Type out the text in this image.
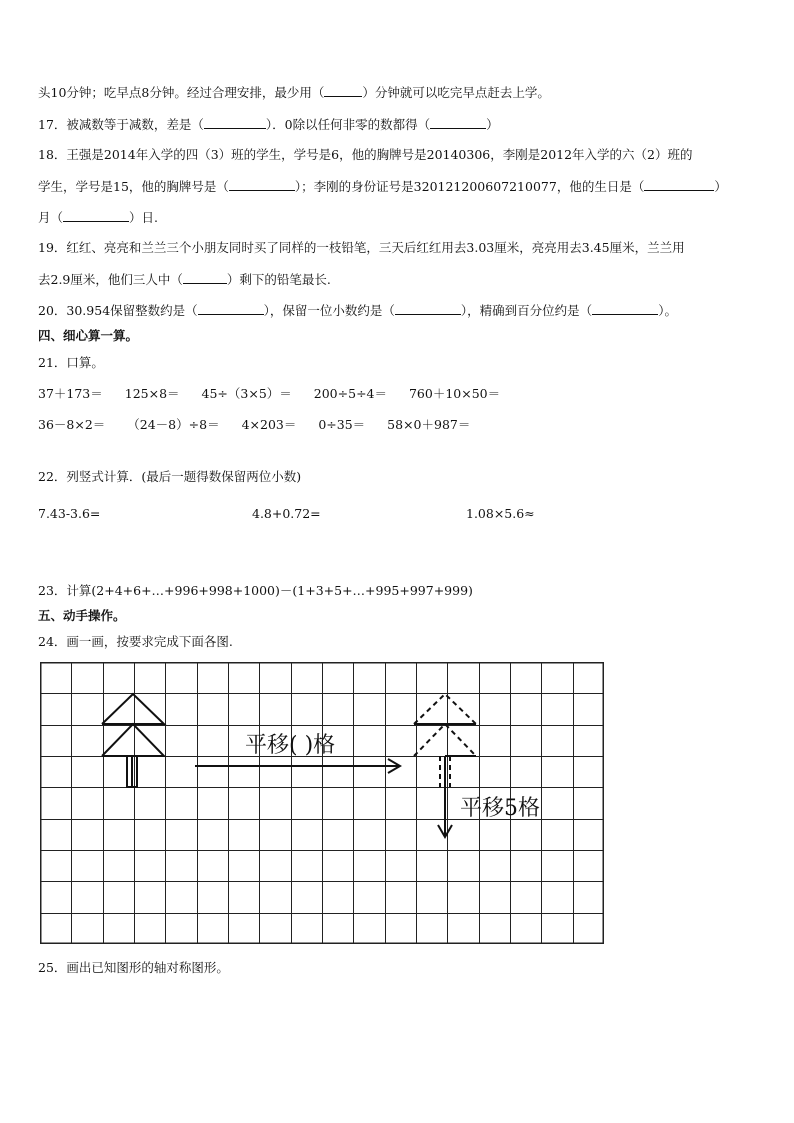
头10分钟；吃早点8分钟。经过合理安排，最少用（	）分钟就可以吃完早点赶去上学。
17．被减数等于减数，差是（	）．0除以任何非零的数都得（	）
18．王强是2014年入学的四（3）班的学生，学号是6，他的胸牌号是20140306，李刚是2012年入学的六（2）班的
学生，学号是15，他的胸牌号是（	）；李刚的身份证号是320121200607210077，他的生日是（	）
月（	）日.
19．红红、亮亮和兰兰三个小朋友同时买了同样的一枝铅笔，三天后红红用去3.03厘米，亮亮用去3.45厘米，兰兰用
去2.9厘米，他们三人中（	）剩下的铅笔最长.
20．30.954保留整数约是（	），保留一位小数约是（	），精确到百分位约是（	）。
四、细心算一算。
21．口算。
37＋173＝ 125×8＝ 45÷（3×5）＝ 200÷5÷4＝ 760＋10×50＝
36－8×2＝ （24－8）÷8＝ 4×203＝ 0÷35＝ 58×0＋987＝
22．列竖式计算．(最后一题得数保留两位小数)
7.43-3.6=	4.8+0.72=	1.08×5.6≈
23．计算(2+4+6+…+996+998+1000)－(1+3+5+…+995+997+999)
五、动手操作。
24．画一画，按要求完成下面各图.
平移( )格
平移5格
25．画出已知图形的轴对称图形。
